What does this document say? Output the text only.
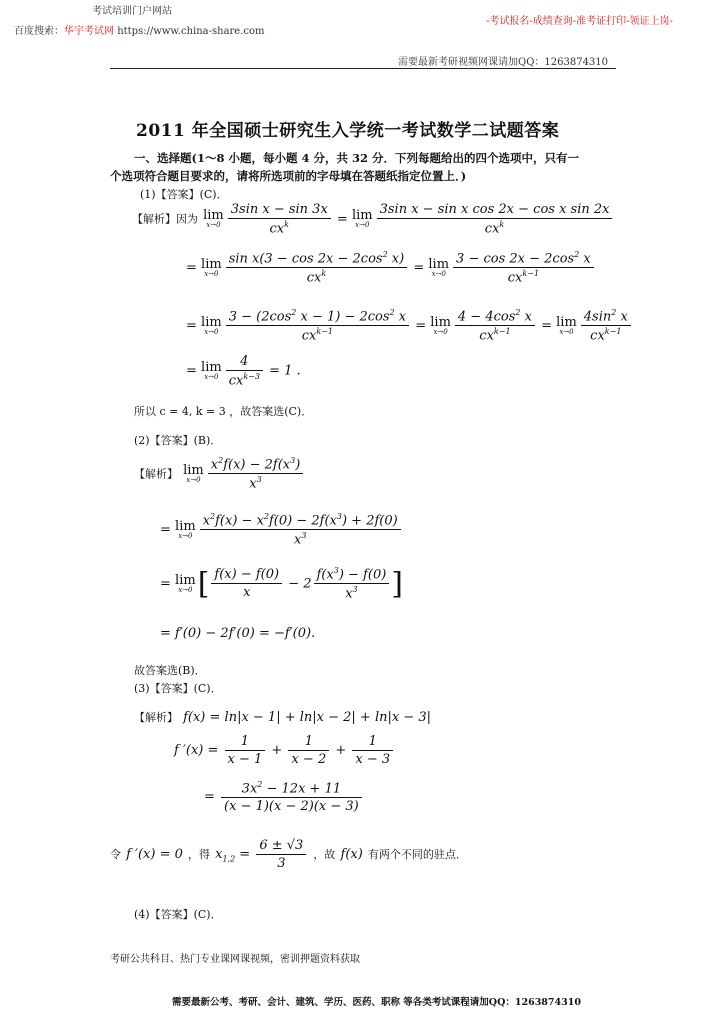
考试培训门户网站
百度搜索：华宇考试网 https://www.china-share.com
-考试报名-成绩查询-准考证打印-领证上岗-
需要最新考研视频网课请加QQ：1263874310
2011 年全国硕士研究生入学统一考试数学二试题答案
一、选择题(1～8 小题，每小题 4 分，共 32 分．下列每题给出的四个选项中，只有一
个选项符合题目要求的，请将所选项前的字母填在答题纸指定位置上．)
(1)【答案】(C)．
【解析】因为 lim
$x\to 0 \frac{\text{3sin x − sin 3x}}{cx^k} = \lim$
$x\to 0 \frac{\text{3sin x − sin x cos 2x − cos x sin 2x}}{cx^k}$
= lim
$x\to 0 \frac{\sin x(3 - \cos 2x - 2\cos^2 x)}{cx^k} = \lim$
$x\to 0 \frac{3 - \cos 2x - 2\cos^2 x}{cx^{k-1}}$
= lim
$x\to 0 \frac{3 - (2\cos^2 x - 1) - 2\cos^2 x}{cx^{k-1}} = \lim$
$x\to 0 \frac{4 - 4\cos^2 x}{cx^{k-1}} = \lim$
$x\to 0 \frac{4\sin^2 x}{cx^{k-1}}$
= lim
$x\to 0 \frac{4}{cx^{k-3}} = 1$ .
所以 c = 4, k = 3 ，故答案选(C)．
(2)【答案】(B)．
【解析】 lim
$x\to 0 \frac{x^2f(x) - 2f(x^3)}{x^3}$
= lim
$x\to 0 \frac{x^2f(x) - x^2f(0) - 2f(x^3) + 2f(0)}{x^3}$
= lim
x→0 [ $\frac{f(x) - f(0)}{x} - 2 \frac{f(x^3) - f(0)}{x^3}$ ]
= f′(0) − 2f′(0) = −f′(0).
故答案选(B)．
(3)【答案】(C)．
【解析】 f(x) = ln|x − 1| + ln|x − 2| + ln|x − 3|
f $'(x) = \frac{1}{x - 1} + \frac{1}{x - 2} + \frac{1}{x - 3}$
= $\frac{3x^2 - 12x + 11}{(x - 1)(x - 2)(x - 3)}$
令 f ′(x) = 0 ，得 $x_{1,2} = \frac{6 \pm √3}{3}$ ，故 f(x) 有两个不同的驻点．
(4)【答案】(C)．
考研公共科目、热门专业课网课视频，密训押题资料获取
需要最新公考、考研、会计、建筑、学历、医药、职称 等各类考试课程请加QQ：1263874310
